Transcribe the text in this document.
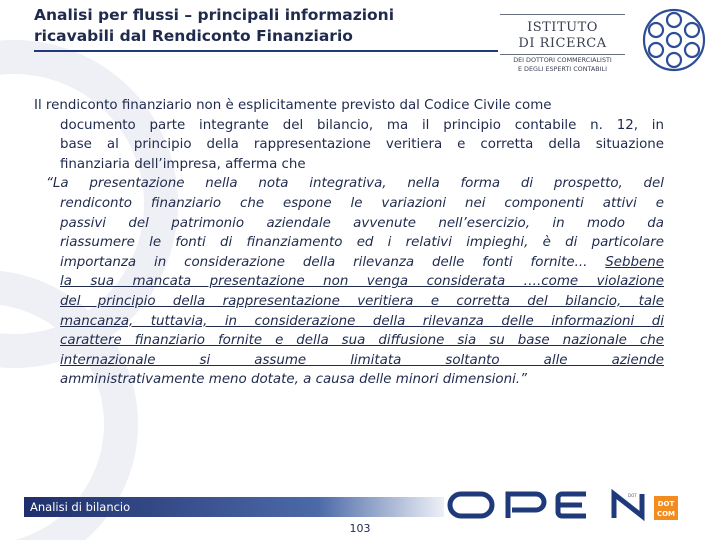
Analisi per flussi – principali informazioni
ricavabili dal Rendiconto Finanziario	ISTITUTO
DI RICERCA
DEI DOTTORI COMMERCIALISTI
E DEGLI ESPERTI CONTABILI
Il rendiconto finanziario non è esplicitamente previsto dal Codice Civile come
documento parte integrante del bilancio, ma il principio contabile n. 12, in
base al principio della rappresentazione veritiera e corretta della situazione
finanziaria dell’impresa, afferma che
“La presentazione nella nota integrativa, nella forma di prospetto, del
rendiconto finanziario che espone le variazioni nei componenti attivi e
passivi del patrimonio aziendale avvenute nell’esercizio, in modo da
riassumere le fonti di finanziamento ed i relativi impieghi, è di particolare
importanza in considerazione della rilevanza delle fonti fornite... Sebbene
la sua mancata presentazione non venga considerata ….come violazione
del principio della rappresentazione veritiera e corretta del bilancio, tale
mancanza, tuttavia, in considerazione della rilevanza delle informazioni di
carattere finanziario fornite e della sua diffusione sia su base nazionale che
internazionale si assume limitata soltanto alle aziende
amministrativamente meno dotate, a causa delle minori dimensioni.”
Analisi di bilancio
DOT
DOT
COM
103
